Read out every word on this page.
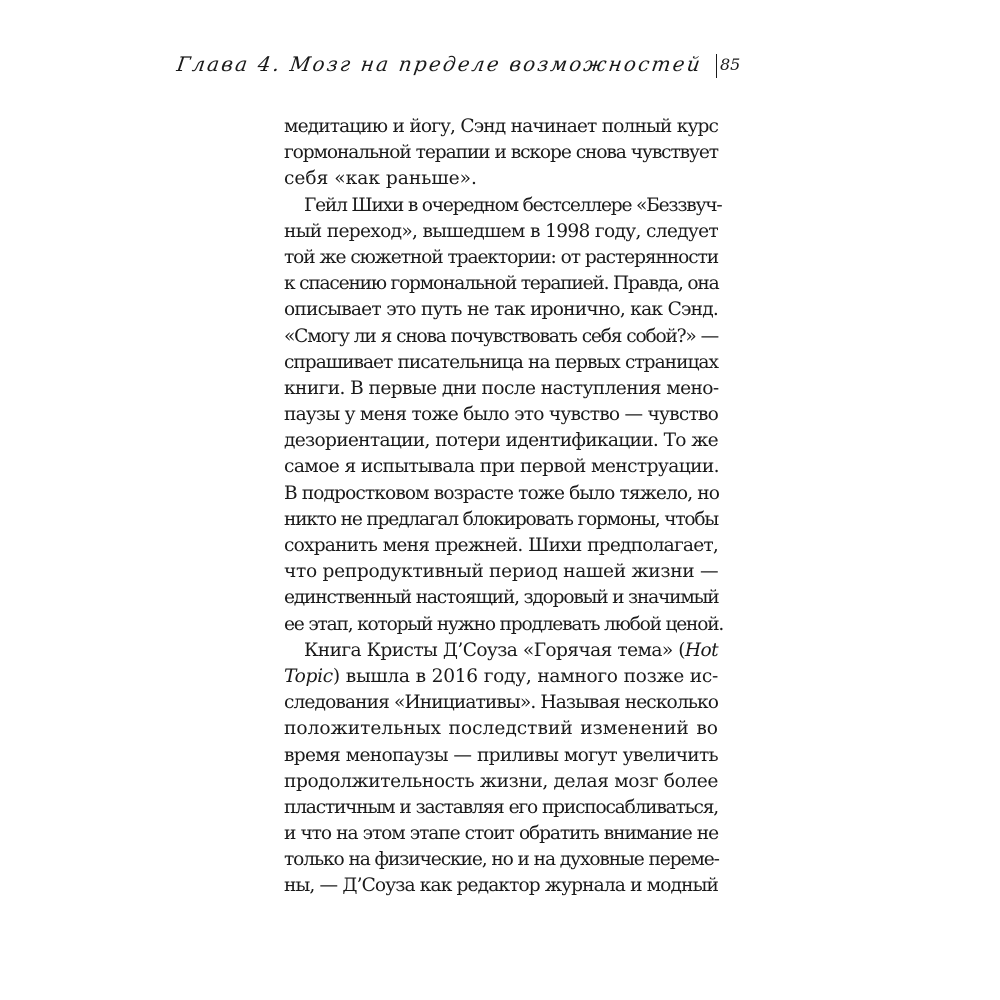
Глава 4. Мозг на пределе возможностей 85
медитацию и йогу, Сэнд начинает полный курс
гормональной терапии и вскоре снова чувствует
себя «как раньше».
Гейл Шихи в очередном бестселлере «Беззвуч-
ный переход», вышедшем в 1998 году, следует
той же сюжетной траектории: от растерянности
к спасению гормональной терапией. Правда, она
описывает это путь не так иронично, как Сэнд.
«Смогу ли я снова почувствовать себя собой?» —
спрашивает писательница на первых страницах
книги. В первые дни после наступления мено-
паузы у меня тоже было это чувство — чувство
дезориентации, потери идентификации. То же
самое я испытывала при первой менструации.
В подростковом возрасте тоже было тяжело, но
никто не предлагал блокировать гормоны, чтобы
сохранить меня прежней. Шихи предполагает,
что репродуктивный период нашей жизни —
единственный настоящий, здоровый и значимый
ее этап, который нужно продлевать любой ценой.
Книга Кристы Д’Соуза «Горячая тема» (Hot
Topic) вышла в 2016 году, намного позже ис-
следования «Инициативы». Называя несколько
положительных последствий изменений во
время менопаузы — приливы могут увеличить
продолжительность жизни, делая мозг более
пластичным и заставляя его приспосабливаться,
и что на этом этапе стоит обратить внимание не
только на физические, но и на духовные переме-
ны, — Д’Соуза как редактор журнала и модный
